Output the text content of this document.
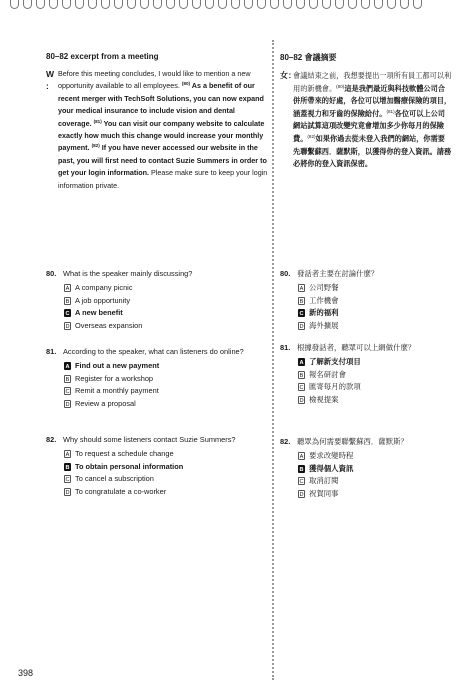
80–82 excerpt from a meeting
W :
Before this meeting concludes, I would like to mention a new opportunity available to all employees. $^{(80)}$ As a benefit of our recent merger with TechSoft Solutions, you can now expand your medical insurance to include vision and dental coverage. $^{(81)}$ You can visit our company website to calculate exactly how much this change would increase your monthly payment. $^{(82)}$ If you have never accessed our website in the past, you will first need to contact Suzie Summers in order to get your login information. Please make sure to keep your login information private.
80–82 會議摘要
女：
會議結束之前，我想要提出一項所有員工都可以利用的新機會。$^{(80)}$這是我們最近與科技軟體公司合併所帶來的好處，各位可以增加醫療保險的項目，涵蓋視力和牙齒的保險給付。$^{(81)}$各位可以上公司網站試算這項改變究竟會增加多少你每月的保險費。$^{(82)}$如果你過去從未登入我們的網站，你需要先聯繫蘇西．薩默斯，以獲得你的登入資訊。請務必將你的登入資訊保密。
80. What is the speaker mainly discussing?
A A company picnic
B A job opportunity
C A new benefit
D Overseas expansion
81. According to the speaker, what can listeners do online?
A Find out a new payment
B Register for a workshop
C Remit a monthly payment
D Review a proposal
82. Why should some listeners contact Suzie Summers?
A To request a schedule change
B To obtain personal information
C To cancel a subscription
D To congratulate a co-worker
80. 發話者主要在討論什麼？
A 公司野餐
B 工作機會
C 新的福利
D 海外擴展
81. 根據發話者，聽眾可以上網做什麼？
A 了解新支付項目
B 報名研討會
C 匯寄每月的款項
D 檢視提案
82. 聽眾為何需要聯繫蘇西．薩默斯？
A 要求改變時程
B 獲得個人資訊
C 取消訂閱
D 祝賀同事
398
